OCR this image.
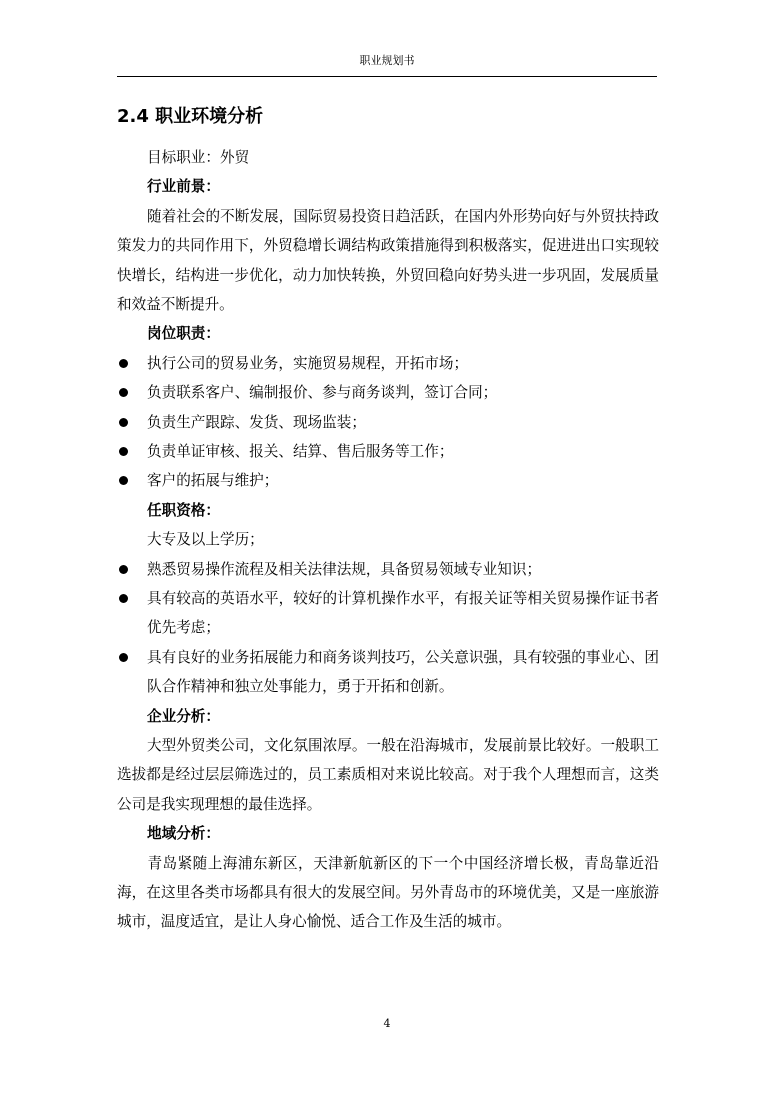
职业规划书
2.4 职业环境分析
目标职业：外贸
行业前景：
随着社会的不断发展，国际贸易投资日趋活跃，在国内外形势向好与外贸扶持政策发力的共同作用下，外贸稳增长调结构政策措施得到积极落实，促进进出口实现较快增长，结构进一步优化，动力加快转换，外贸回稳向好势头进一步巩固，发展质量和效益不断提升。
岗位职责：
执行公司的贸易业务，实施贸易规程，开拓市场；
负责联系客户、编制报价、参与商务谈判，签订合同；
负责生产跟踪、发货、现场监装；
负责单证审核、报关、结算、售后服务等工作；
客户的拓展与维护；
任职资格：
大专及以上学历；
熟悉贸易操作流程及相关法律法规，具备贸易领域专业知识；
具有较高的英语水平，较好的计算机操作水平，有报关证等相关贸易操作证书者优先考虑；
具有良好的业务拓展能力和商务谈判技巧，公关意识强，具有较强的事业心、团队合作精神和独立处事能力，勇于开拓和创新。
企业分析：
大型外贸类公司，文化氛围浓厚。一般在沿海城市，发展前景比较好。一般职工选拔都是经过层层筛选过的，员工素质相对来说比较高。对于我个人理想而言，这类公司是我实现理想的最佳选择。
地域分析：
青岛紧随上海浦东新区，天津新航新区的下一个中国经济增长极，青岛靠近沿海，在这里各类市场都具有很大的发展空间。另外青岛市的环境优美，又是一座旅游城市，温度适宜，是让人身心愉悦、适合工作及生活的城市。
4
